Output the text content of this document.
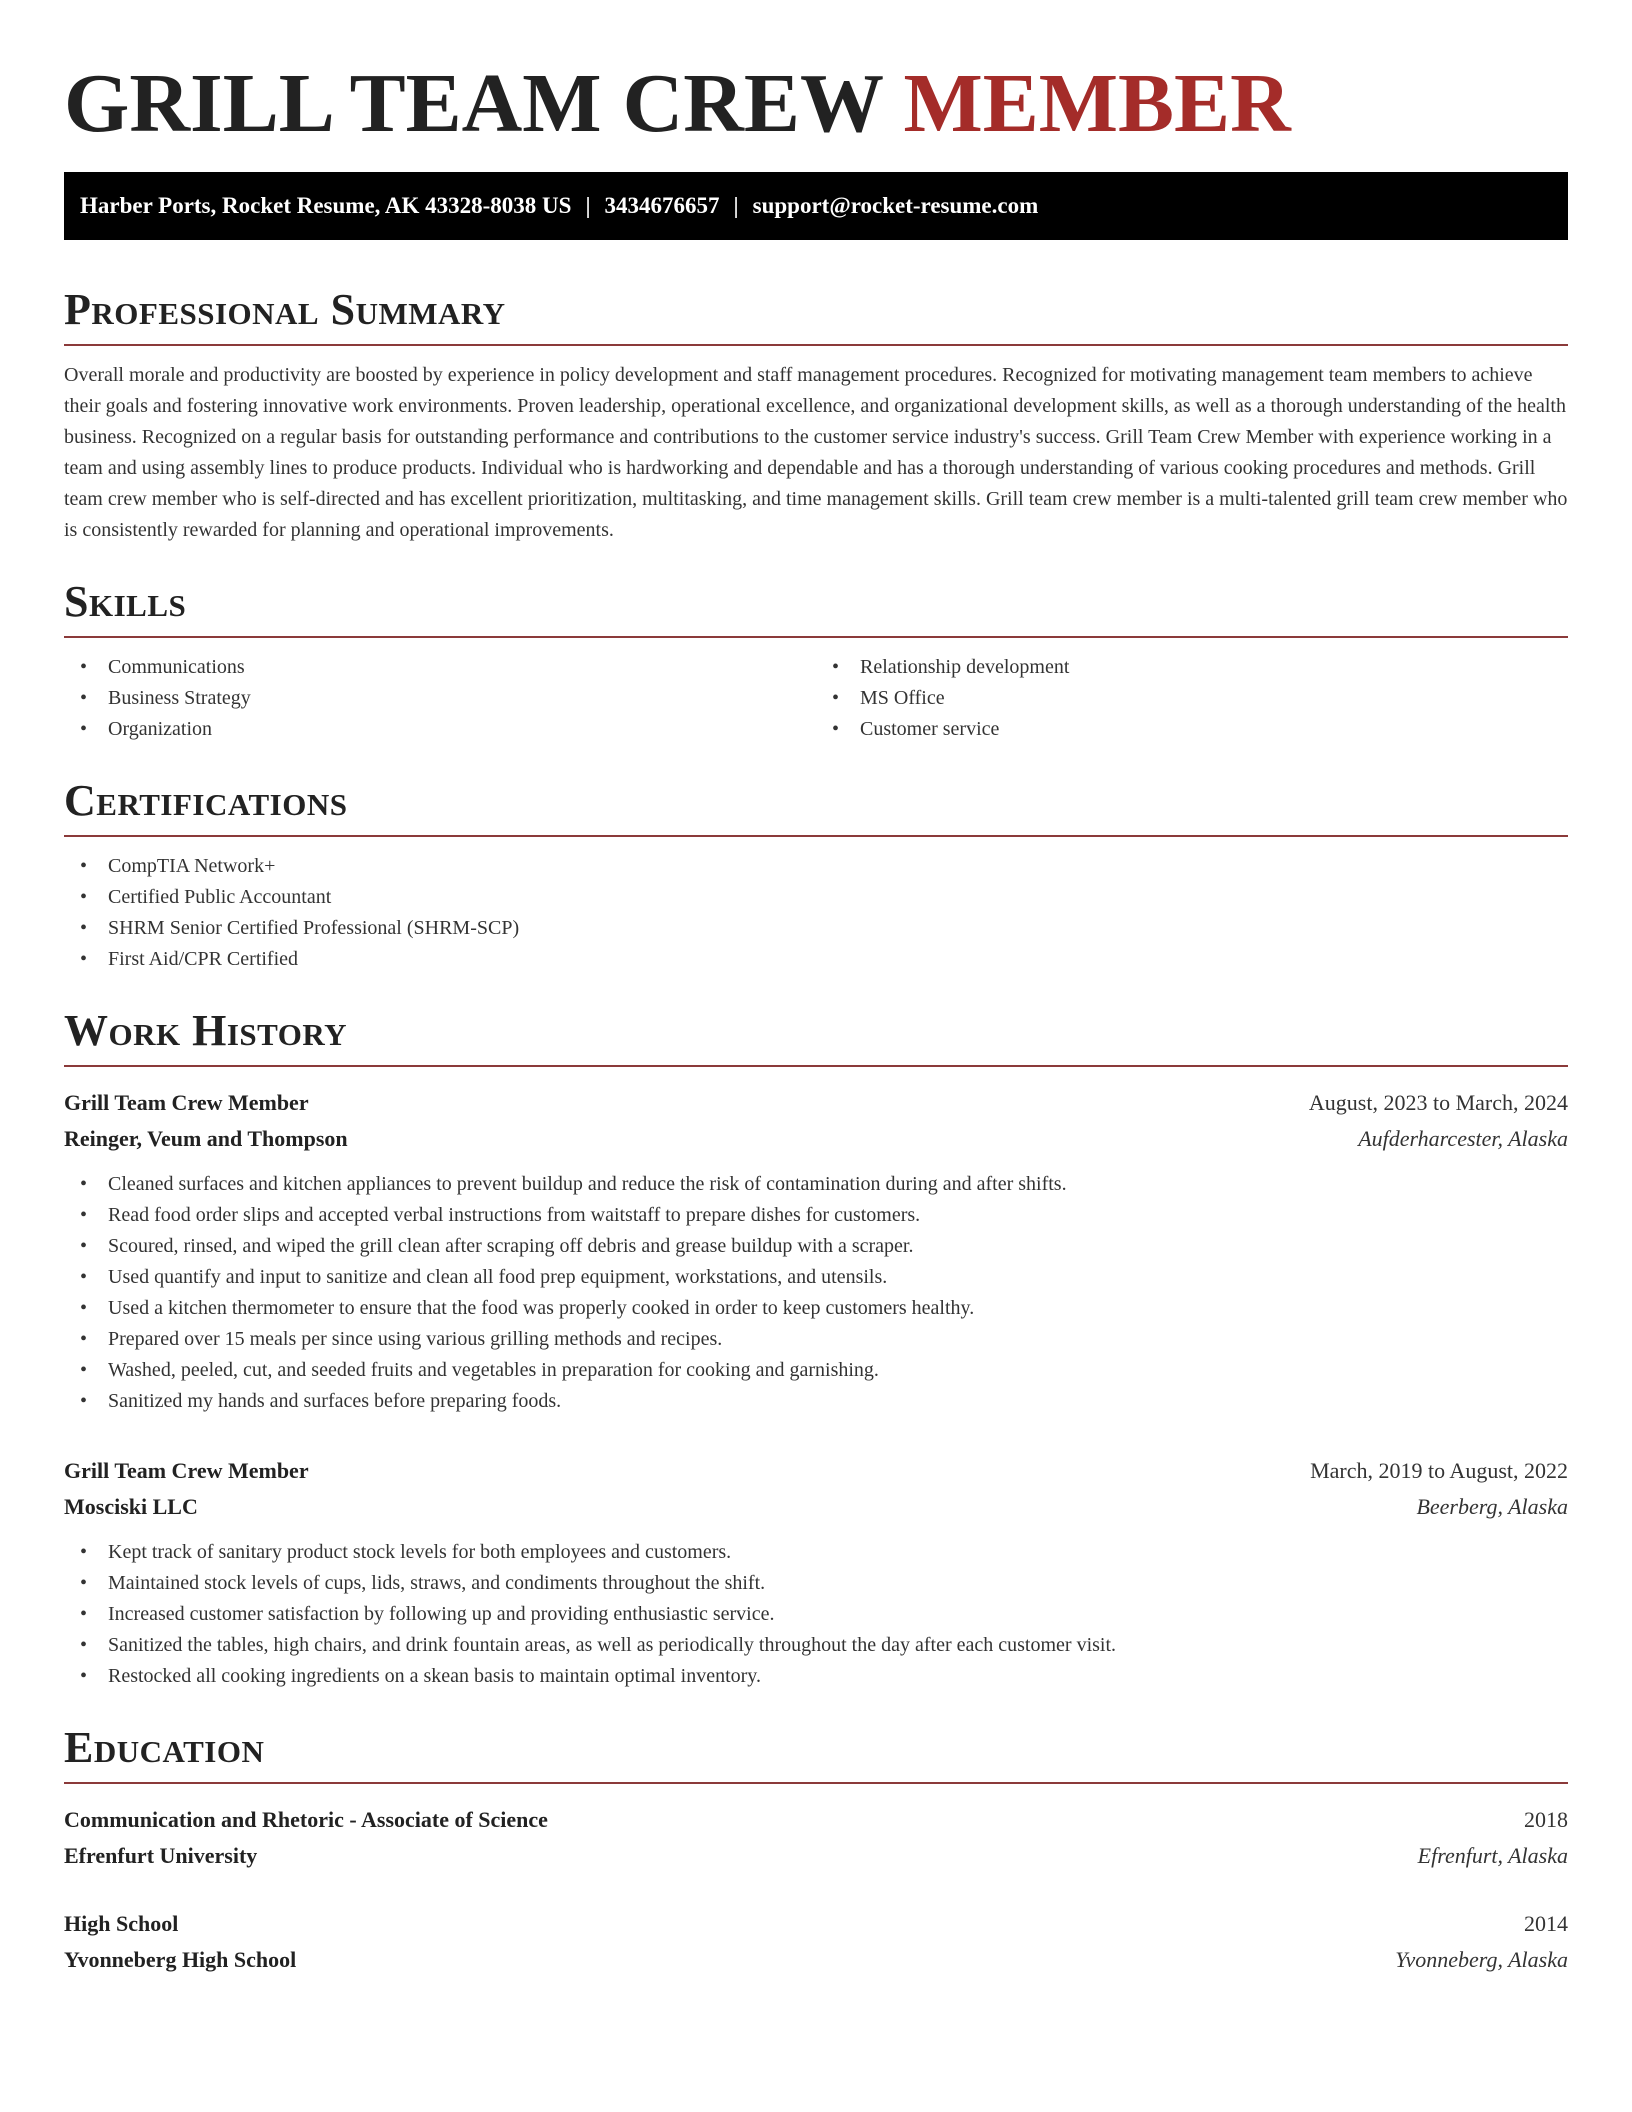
GRILL TEAM CREW MEMBER
Harber Ports, Rocket Resume, AK 43328-8038 US | 3434676657 | support@rocket-resume.com
Professional Summary

Overall morale and productivity are boosted by experience in policy development and staff management procedures. Recognized for motivating management team members to achieve their goals and fostering innovative work environments. Proven leadership, operational excellence, and organizational development skills, as well as a thorough understanding of the health business. Recognized on a regular basis for outstanding performance and contributions to the customer service industry's success. Grill Team Crew Member with experience working in a team and using assembly lines to produce products. Individual who is hardworking and dependable and has a thorough understanding of various cooking procedures and methods. Grill team crew member who is self-directed and has excellent prioritization, multitasking, and time management skills. Grill team crew member is a multi-talented grill team crew member who is consistently rewarded for planning and operational improvements.

Skills
• Communications
• Business Strategy
• Organization
• Relationship development
• MS Office
• Customer service
Certifications
• CompTIA Network+
• Certified Public Accountant
• SHRM Senior Certified Professional (SHRM-SCP)
• First Aid/CPR Certified
Work History
Grill Team Crew Member	August, 2023 to March, 2024
Reinger, Veum and Thompson	Aufderharcester, Alaska
• Cleaned surfaces and kitchen appliances to prevent buildup and reduce the risk of contamination during and after shifts.
• Read food order slips and accepted verbal instructions from waitstaff to prepare dishes for customers.
• Scoured, rinsed, and wiped the grill clean after scraping off debris and grease buildup with a scraper.
• Used quantify and input to sanitize and clean all food prep equipment, workstations, and utensils.
• Used a kitchen thermometer to ensure that the food was properly cooked in order to keep customers healthy.
• Prepared over 15 meals per since using various grilling methods and recipes.
• Washed, peeled, cut, and seeded fruits and vegetables in preparation for cooking and garnishing.
• Sanitized my hands and surfaces before preparing foods.
Grill Team Crew Member	March, 2019 to August, 2022
Mosciski LLC	Beerberg, Alaska
• Kept track of sanitary product stock levels for both employees and customers.
• Maintained stock levels of cups, lids, straws, and condiments throughout the shift.
• Increased customer satisfaction by following up and providing enthusiastic service.
• Sanitized the tables, high chairs, and drink fountain areas, as well as periodically throughout the day after each customer visit.
• Restocked all cooking ingredients on a skean basis to maintain optimal inventory.
Education
Communication and Rhetoric - Associate of Science	2018
Efrenfurt University	Efrenfurt, Alaska
High School	2014
Yvonneberg High School	Yvonneberg, Alaska
